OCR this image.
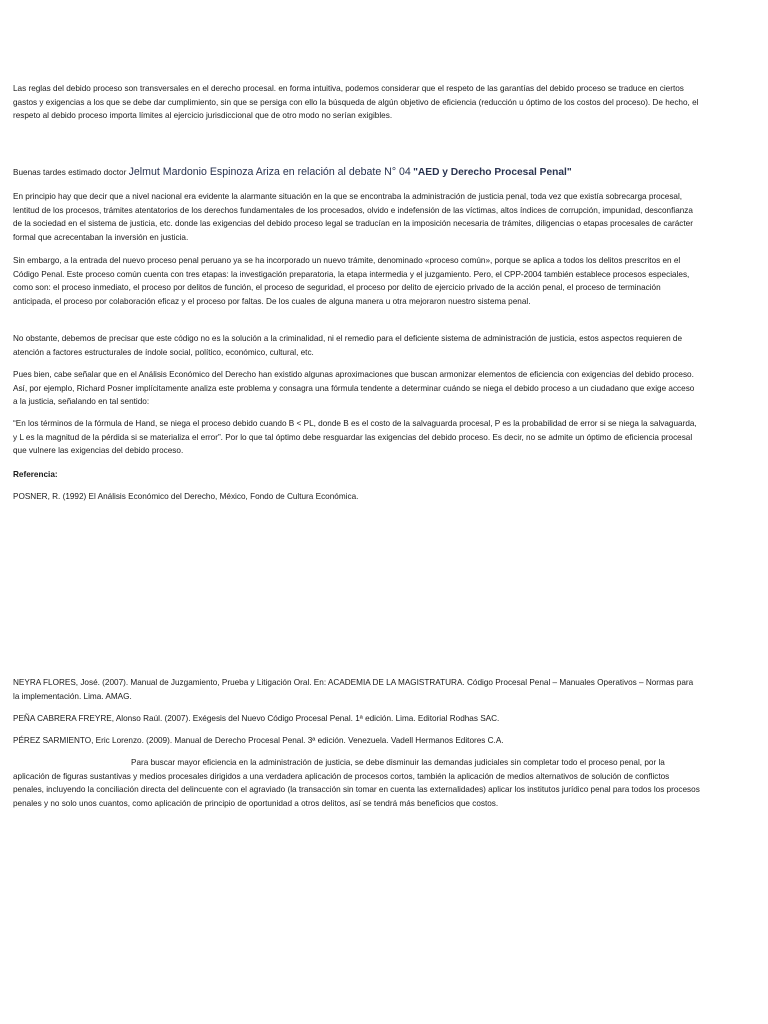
Las reglas del debido proceso son transversales en el derecho procesal. en forma intuitiva, podemos considerar que el respeto de las garantías del debido proceso se traduce en ciertos gastos y exigencias a los que se debe dar cumplimiento, sin que se persiga con ello la búsqueda de algún objetivo de eficiencia (reducción u óptimo de los costos del proceso). De hecho, el respeto al debido proceso importa límites al ejercicio jurisdiccional que de otro modo no serían exigibles.

Buenas tardes estimado doctor Jelmut Mardonio Espinoza Ariza en relación al debate N° 04 "AED y Derecho Procesal Penal"

En principio hay que decir que a nivel nacional era evidente la alarmante situación en la que se encontraba la administración de justicia penal, toda vez que existía sobrecarga procesal, lentitud de los procesos, trámites atentatorios de los derechos fundamentales de los procesados, olvido e indefensión de las víctimas, altos índices de corrupción, impunidad, desconfianza de la sociedad en el sistema de justicia, etc. donde las exigencias del debido proceso legal se traducían en la imposición necesaria de trámites, diligencias o etapas procesales de carácter formal que acrecentaban la inversión en justicia.

Sin embargo, a la entrada del nuevo proceso penal peruano ya se ha incorporado un nuevo trámite, denominado «proceso común», porque se aplica a todos los delitos prescritos en el Código Penal. Este proceso común cuenta con tres etapas: la investigación preparatoria, la etapa intermedia y el juzgamiento. Pero, el CPP-2004 también establece procesos especiales, como son: el proceso inmediato, el proceso por delitos de función, el proceso de seguridad, el proceso por delito de ejercicio privado de la acción penal, el proceso de terminación anticipada, el proceso por colaboración eficaz y el proceso por faltas. De los cuales de alguna manera u otra mejoraron nuestro sistema penal.

No obstante, debemos de precisar que este código no es la solución a la criminalidad, ni el remedio para el deficiente sistema de administración de justicia, estos aspectos requieren de atención a factores estructurales de índole social, político, económico, cultural, etc.

Pues bien, cabe señalar que en el Análisis Económico del Derecho han existido algunas aproximaciones que buscan armonizar elementos de eficiencia con exigencias del debido proceso. Así, por ejemplo, Richard Posner implícitamente analiza este problema y consagra una fórmula tendente a determinar cuándo se niega el debido proceso a un ciudadano que exige acceso a la justicia, señalando en tal sentido:

“En los términos de la fórmula de Hand, se niega el proceso debido cuando B < PL, donde B es el costo de la salvaguarda procesal, P es la probabilidad de error si se niega la salvaguarda, y L es la magnitud de la pérdida si se materializa el error”. Por lo que tal óptimo debe resguardar las exigencias del debido proceso. Es decir, no se admite un óptimo de eficiencia procesal que vulnere las exigencias del debido proceso.

Referencia:

POSNER, R. (1992) El Análisis Económico del Derecho, México, Fondo de Cultura Económica.

NEYRA FLORES, José. (2007). Manual de Juzgamiento, Prueba y Litigación Oral. En: ACADEMIA DE LA MAGISTRATURA. Código Procesal Penal – Manuales Operativos – Normas para la implementación. Lima. AMAG.

PEÑA CABRERA FREYRE, Alonso Raúl. (2007). Exégesis del Nuevo Código Procesal Penal. 1ª edición. Lima. Editorial Rodhas SAC.

PÉREZ SARMIENTO, Eric Lorenzo. (2009). Manual de Derecho Procesal Penal. 3ª edición. Venezuela. Vadell Hermanos Editores C.A.

Para buscar mayor eficiencia en la administración de justicia, se debe disminuir las demandas judiciales sin completar todo el proceso penal, por la aplicación de figuras sustantivas y medios procesales dirigidos a una verdadera aplicación de procesos cortos, también la aplicación de medios alternativos de solución de conflictos penales, incluyendo la conciliación directa del delincuente con el agraviado (la transacción sin tomar en cuenta las externalidades) aplicar los institutos jurídico penal para todos los procesos penales y no solo unos cuantos, como aplicación de principio de oportunidad a otros delitos, así se tendrá más beneficios que costos.
